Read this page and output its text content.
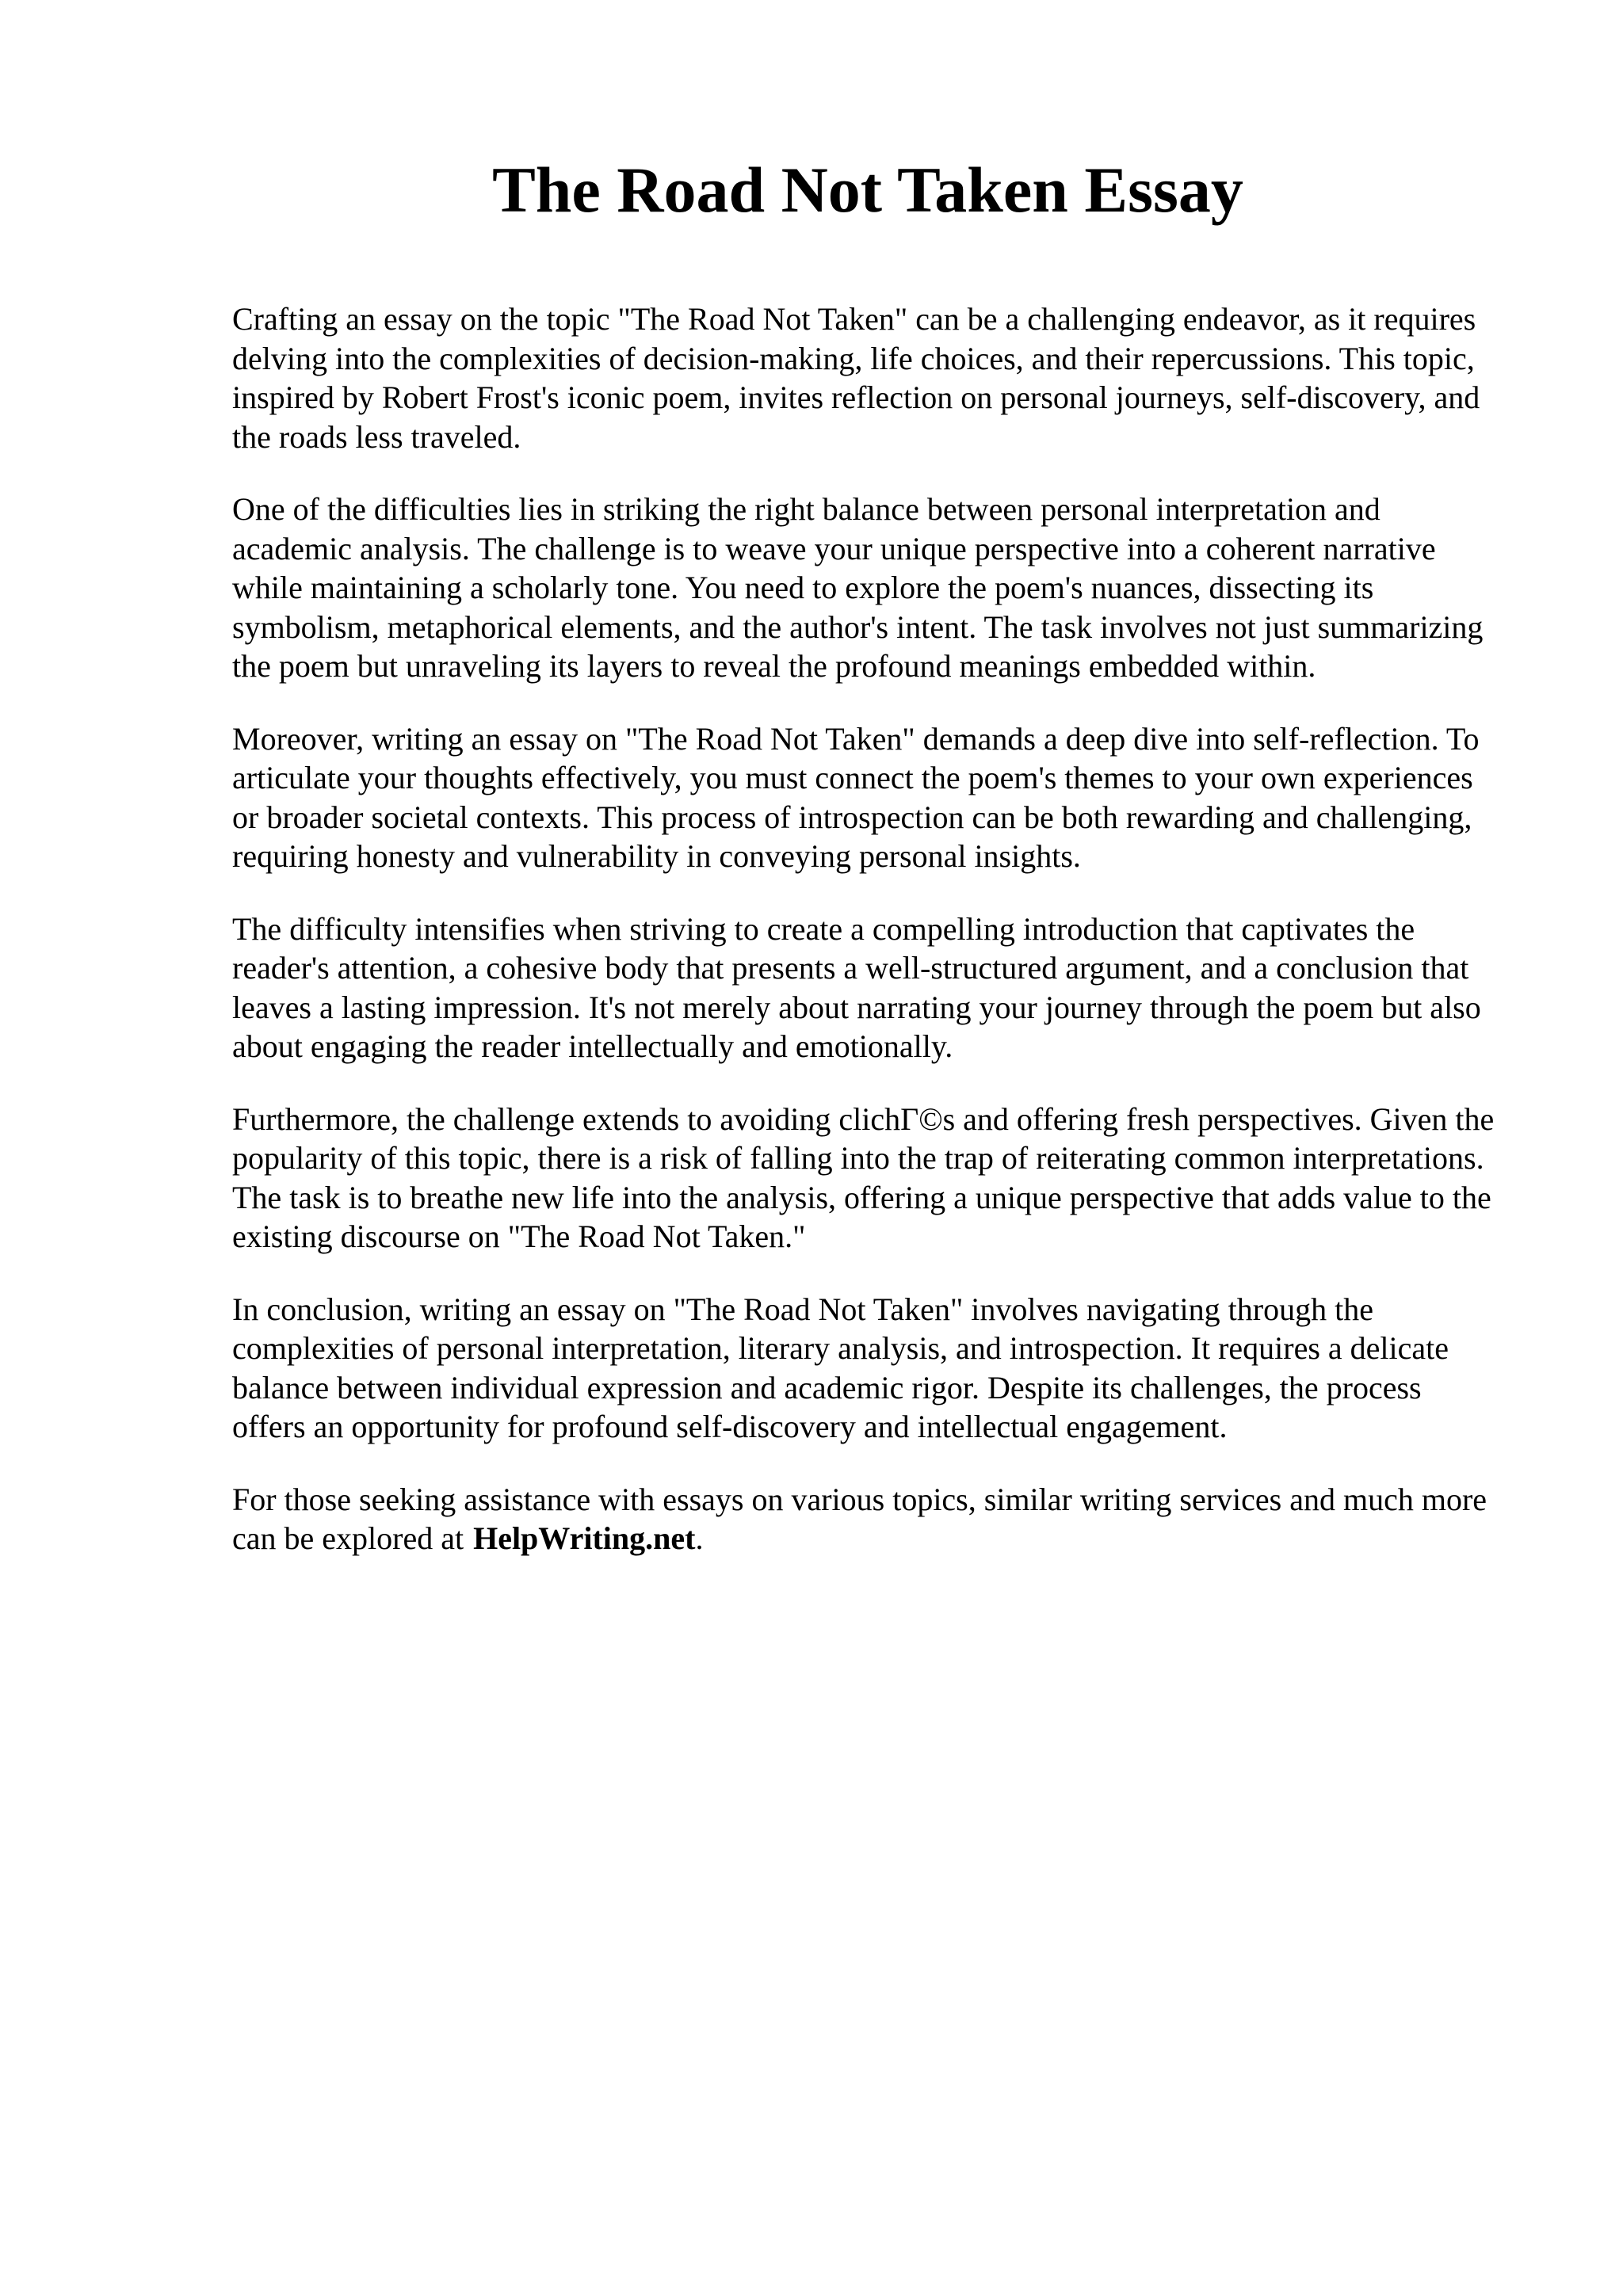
The Road Not Taken Essay

Crafting an essay on the topic "The Road Not Taken" can be a challenging endeavor, as it requires delving into the complexities of decision-making, life choices, and their repercussions. This topic, inspired by Robert Frost's iconic poem, invites reflection on personal journeys, self-discovery, and the roads less traveled.

One of the difficulties lies in striking the right balance between personal interpretation and academic analysis. The challenge is to weave your unique perspective into a coherent narrative while maintaining a scholarly tone. You need to explore the poem's nuances, dissecting its symbolism, metaphorical elements, and the author's intent. The task involves not just summarizing the poem but unraveling its layers to reveal the profound meanings embedded within.

Moreover, writing an essay on "The Road Not Taken" demands a deep dive into self-reflection. To articulate your thoughts effectively, you must connect the poem's themes to your own experiences or broader societal contexts. This process of introspection can be both rewarding and challenging, requiring honesty and vulnerability in conveying personal insights.

The difficulty intensifies when striving to create a compelling introduction that captivates the reader's attention, a cohesive body that presents a well-structured argument, and a conclusion that leaves a lasting impression. It's not merely about narrating your journey through the poem but also about engaging the reader intellectually and emotionally.

Furthermore, the challenge extends to avoiding clichГ©s and offering fresh perspectives. Given the popularity of this topic, there is a risk of falling into the trap of reiterating common interpretations. The task is to breathe new life into the analysis, offering a unique perspective that adds value to the existing discourse on "The Road Not Taken."

In conclusion, writing an essay on "The Road Not Taken" involves navigating through the complexities of personal interpretation, literary analysis, and introspection. It requires a delicate balance between individual expression and academic rigor. Despite its challenges, the process offers an opportunity for profound self-discovery and intellectual engagement.

For those seeking assistance with essays on various topics, similar writing services and much more can be explored at HelpWriting.net.
